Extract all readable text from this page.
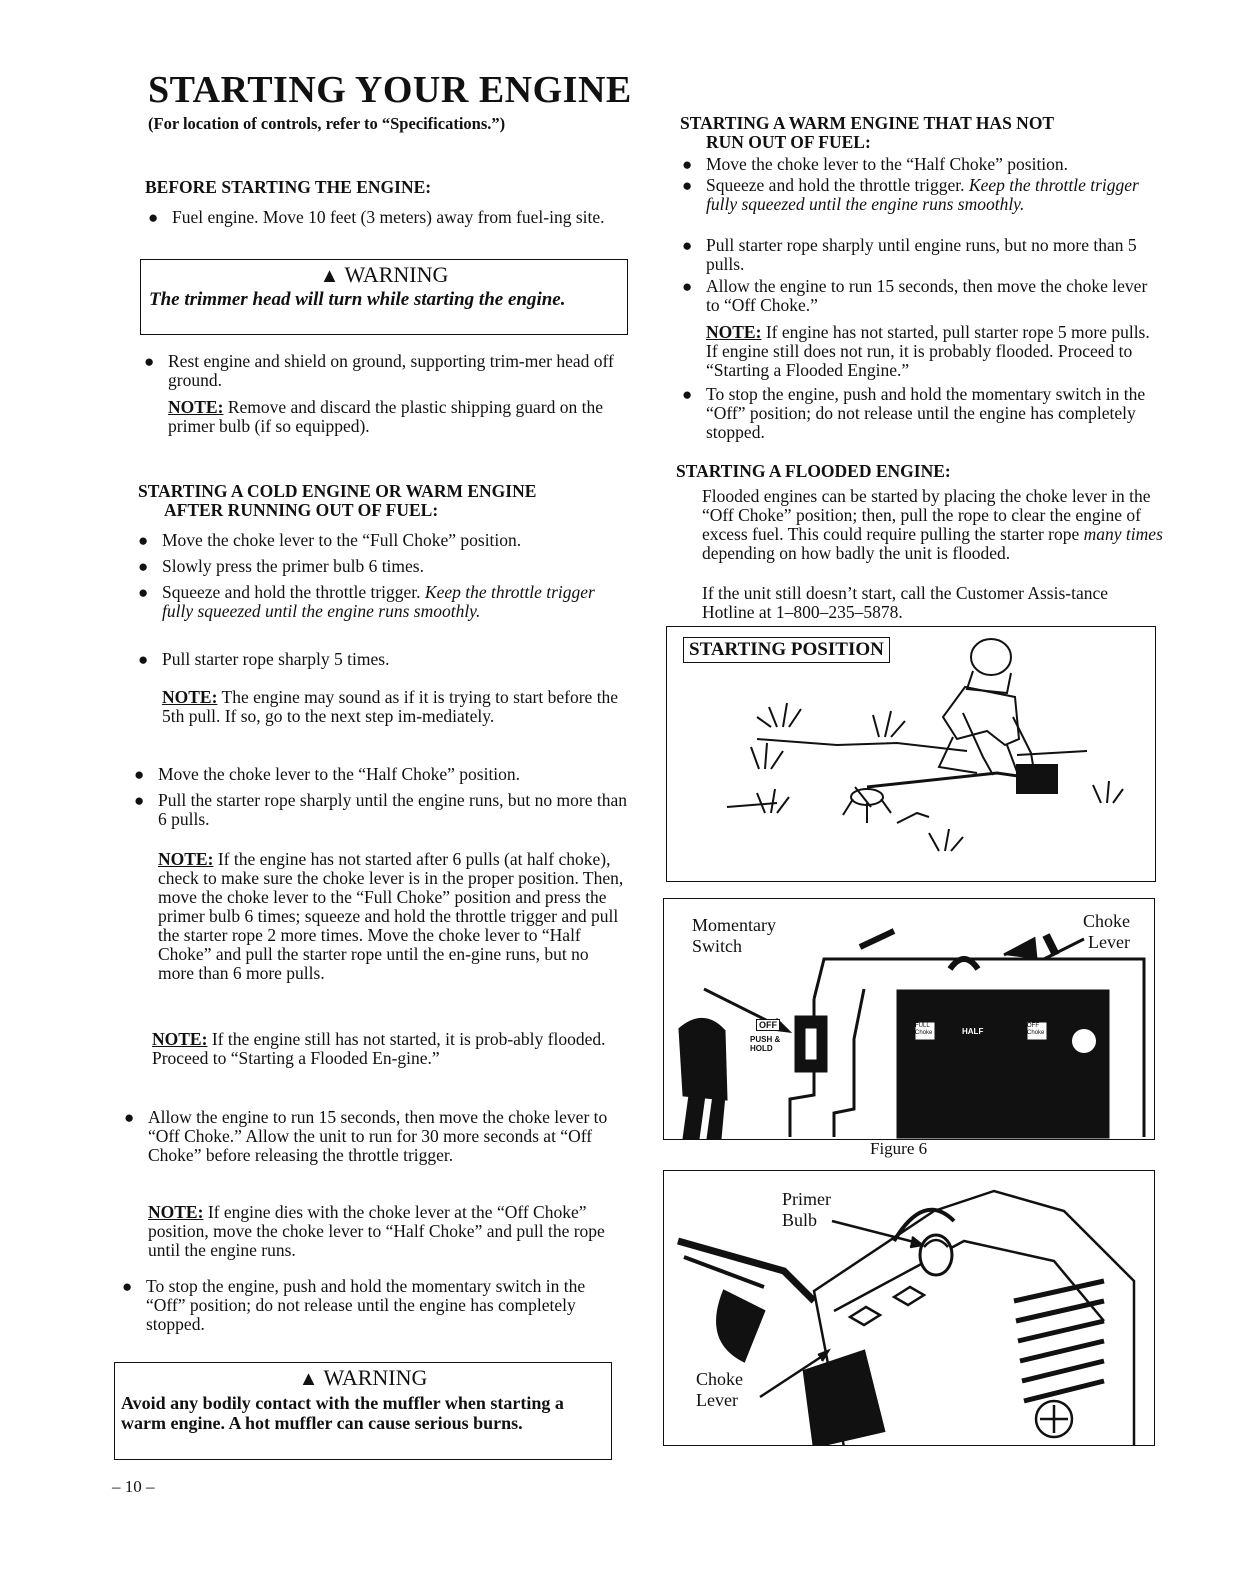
STARTING YOUR ENGINE
(For location of controls, refer to “Specifications.”)
BEFORE STARTING THE ENGINE:
● Fuel engine. Move 10 feet (3 meters) away from fuel-ing site.
▲ WARNING
The trimmer head will turn while starting the engine.
● Rest engine and shield on ground, supporting trim-mer head off ground.
NOTE: Remove and discard the plastic shipping guard on the primer bulb (if so equipped).
STARTING A COLD ENGINE OR WARM ENGINE
AFTER RUNNING OUT OF FUEL:
● Move the choke lever to the “Full Choke” position.
● Slowly press the primer bulb 6 times.
● Squeeze and hold the throttle trigger. Keep the throttle trigger fully squeezed until the engine runs smoothly.
● Pull starter rope sharply 5 times.
NOTE: The engine may sound as if it is trying to start before the 5th pull. If so, go to the next step im-mediately.
● Move the choke lever to the “Half Choke” position.
● Pull the starter rope sharply until the engine runs, but no more than 6 pulls.
NOTE: If the engine has not started after 6 pulls (at half choke), check to make sure the choke lever is in the proper position. Then, move the choke lever to the “Full Choke” position and press the primer bulb 6 times; squeeze and hold the throttle trigger and pull the starter rope 2 more times. Move the choke lever to “Half Choke” and pull the starter rope until the en-gine runs, but no more than 6 more pulls.
NOTE: If the engine still has not started, it is prob-ably flooded. Proceed to “Starting a Flooded En-gine.”
● Allow the engine to run 15 seconds, then move the choke lever to “Off Choke.” Allow the unit to run for 30 more seconds at “Off Choke” before releasing the throttle trigger.
NOTE: If engine dies with the choke lever at the “Off Choke” position, move the choke lever to “Half Choke” and pull the rope until the engine runs.
● To stop the engine, push and hold the momentary switch in the “Off” position; do not release until the engine has completely stopped.
▲ WARNING
Avoid any bodily contact with the muffler when starting a warm engine. A hot muffler can cause serious burns.
– 10 –
STARTING A WARM ENGINE THAT HAS NOT
RUN OUT OF FUEL:
● Move the choke lever to the “Half Choke” position.
● Squeeze and hold the throttle trigger. Keep the throttle trigger fully squeezed until the engine runs smoothly.
● Pull starter rope sharply until engine runs, but no more than 5 pulls.
● Allow the engine to run 15 seconds, then move the choke lever to “Off Choke.”
NOTE: If engine has not started, pull starter rope 5 more pulls. If engine still does not run, it is probably flooded. Proceed to “Starting a Flooded Engine.”
● To stop the engine, push and hold the momentary switch in the “Off” position; do not release until the engine has completely stopped.
STARTING A FLOODED ENGINE:
Flooded engines can be started by placing the choke lever in the “Off Choke” position; then, pull the rope to clear the engine of excess fuel. This could require pulling the starter rope many times depending on how badly the unit is flooded.
If the unit still doesn’t start, call the Customer Assis-tance Hotline at 1–800–235–5878.
STARTING POSITION
Momentary Switch
Choke Lever
OFF
PUSH & HOLD
FULL Choke	HALF
OFF Choke
Figure 6
Primer Bulb
Choke Lever
